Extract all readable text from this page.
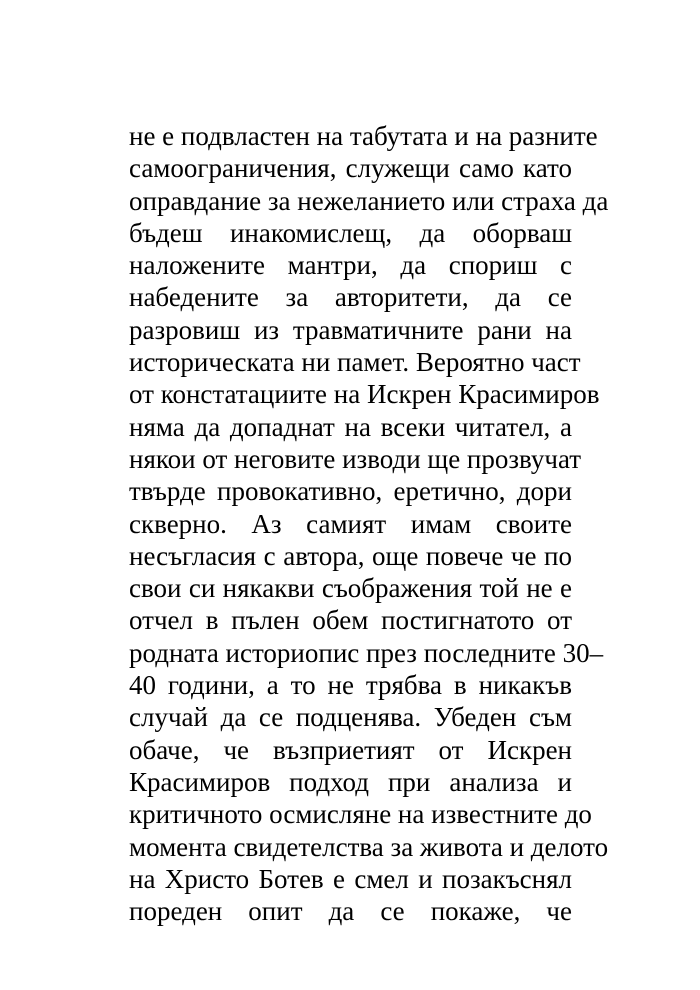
не е подвластен на табутата и на разните
самоограничения, служещи само като
оправдание за нежеланието или страха да
бъдеш инакомислещ, да оборваш
наложените мантри, да спориш с
набедените за авторитети, да се
разровиш из травматичните рани на
историческата ни памет. Вероятно част
от констатациите на Искрен Красимиров
няма да допаднат на всеки читател, а
някои от неговите изводи ще прозвучат
твърде провокативно, еретично, дори
скверно. Аз самият имам своите
несъгласия с автора, още повече че по
свои си някакви съображения той не е
отчел в пълен обем постигнатото от
родната историопис през последните 30–
40 години, а то не трябва в никакъв
случай да се подценява. Убеден съм
обаче, че възприетият от Искрен
Красимиров подход при анализа и
критичното осмисляне на известните до
момента свидетелства за живота и делото
на Христо Ботев е смел и позакъснял
пореден опит да се покаже, че
